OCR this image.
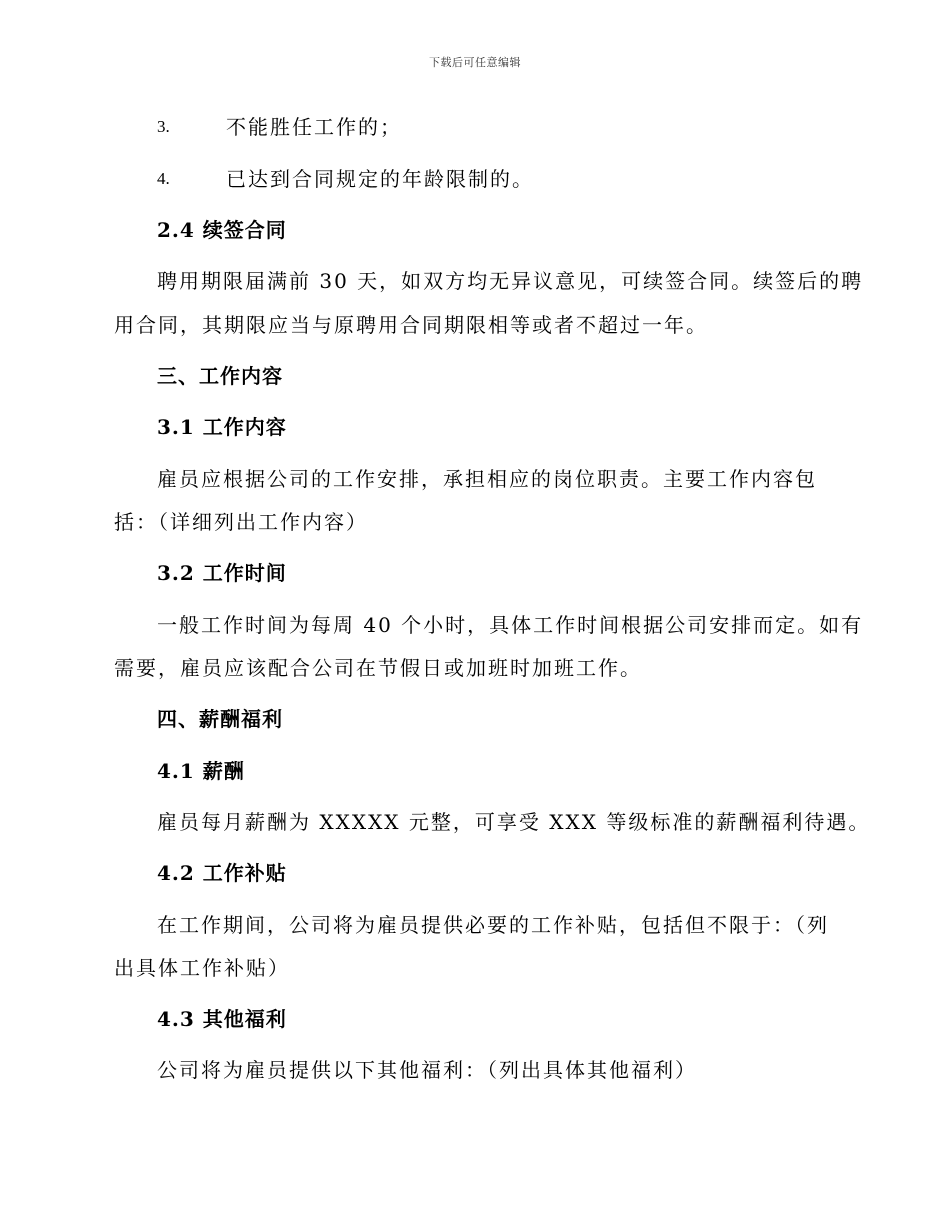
下载后可任意编辑
3.	不能胜任工作的；
4.	已达到合同规定的年龄限制的。
2.4 续签合同
聘用期限届满前 30 天，如双方均无异议意见，可续签合同。续签后的聘
用合同，其期限应当与原聘用合同期限相等或者不超过一年。
三、工作内容
3.1 工作内容
雇员应根据公司的工作安排，承担相应的岗位职责。主要工作内容包
括：（详细列出工作内容）
3.2 工作时间
一般工作时间为每周 40 个小时，具体工作时间根据公司安排而定。如有
需要，雇员应该配合公司在节假日或加班时加班工作。
四、薪酬福利
4.1 薪酬
雇员每月薪酬为 XXXXX 元整，可享受 XXX 等级标准的薪酬福利待遇。
4.2 工作补贴
在工作期间，公司将为雇员提供必要的工作补贴，包括但不限于：（列
出具体工作补贴）
4.3 其他福利
公司将为雇员提供以下其他福利：（列出具体其他福利）
